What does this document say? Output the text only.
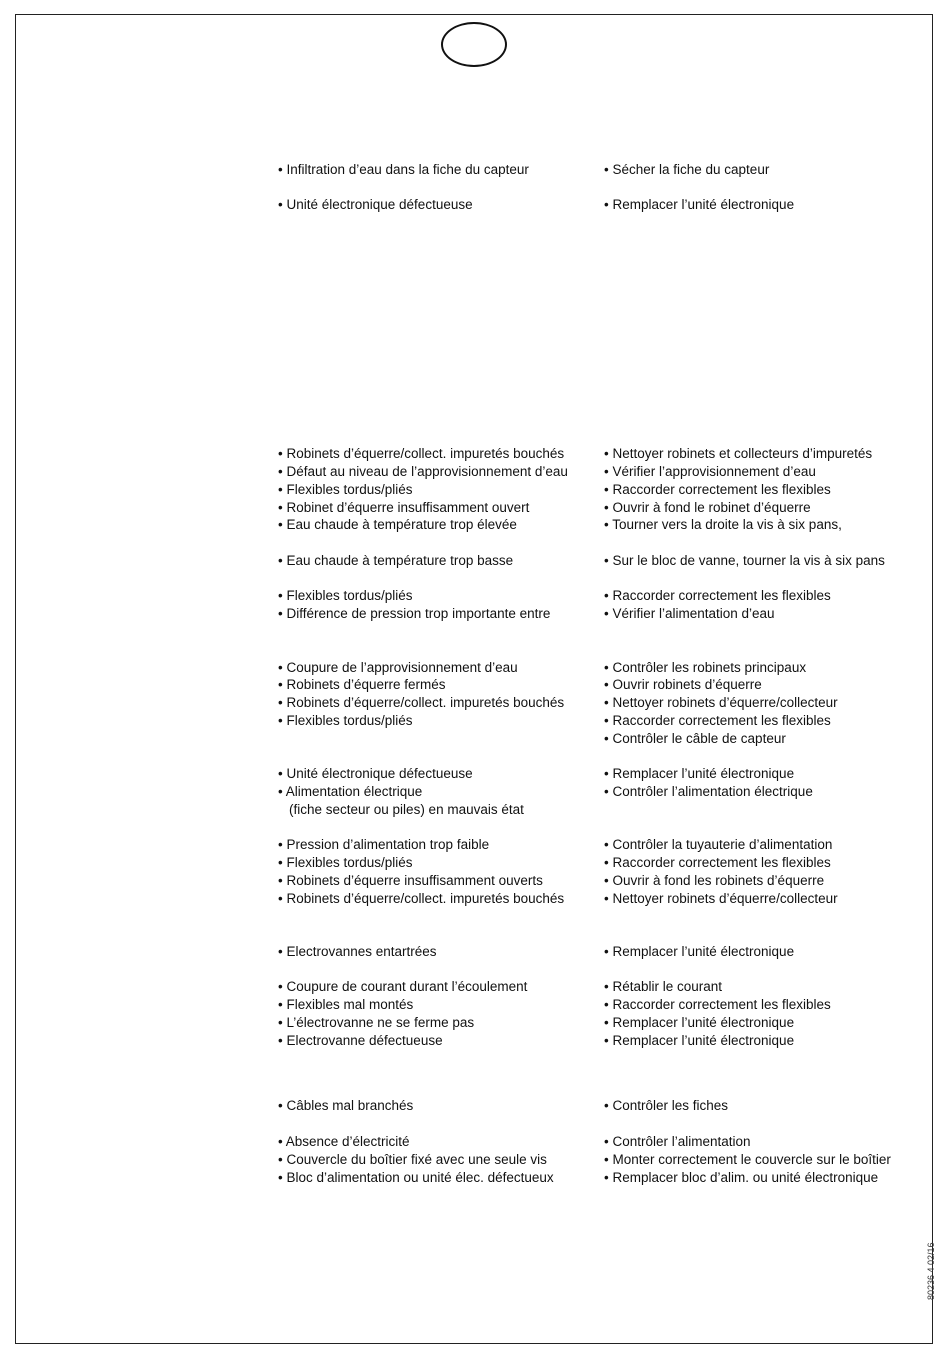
• Infiltration d’eau dans la fiche du capteur
• Unité électronique défectueuse
• Robinets d’équerre/collect. impuretés bouchés
• Défaut au niveau de l’approvisionnement d’eau
• Flexibles tordus/pliés
• Robinet d’équerre insuffisamment ouvert
• Eau chaude à température trop élevée
• Eau chaude à température trop basse
• Flexibles tordus/pliés
• Différence de pression trop importante entre
• Coupure de l’approvisionnement d’eau
• Robinets d’équerre fermés
• Robinets d’équerre/collect. impuretés bouchés
• Flexibles tordus/pliés
• Unité électronique défectueuse
• Alimentation électrique
(fiche secteur ou piles) en mauvais état
• Pression d’alimentation trop faible
• Flexibles tordus/pliés
• Robinets d’équerre insuffisamment ouverts
• Robinets d’équerre/collect. impuretés bouchés
• Electrovannes entartrées
• Coupure de courant durant l’écoulement
• Flexibles mal montés
• L’électrovanne ne se ferme pas
• Electrovanne défectueuse
• Câbles mal branchés
• Absence d’électricité
• Couvercle du boîtier fixé avec une seule vis
• Bloc d’alimentation ou unité élec. défectueux
• Sécher la fiche du capteur
• Remplacer l’unité électronique
• Nettoyer robinets et collecteurs d’impuretés
• Vérifier l’approvisionnement d’eau
• Raccorder correctement les flexibles
• Ouvrir à fond le robinet d’équerre
• Tourner vers la droite la vis à six pans,
• Sur le bloc de vanne, tourner la vis à six pans
• Raccorder correctement les flexibles
• Vérifier l’alimentation d’eau
• Contrôler les robinets principaux
• Ouvrir robinets d’équerre
• Nettoyer robinets d’équerre/collecteur
• Raccorder correctement les flexibles
• Contrôler le câble de capteur
• Remplacer l’unité électronique
• Contrôler l’alimentation électrique
• Contrôler la tuyauterie d’alimentation
• Raccorder correctement les flexibles
• Ouvrir à fond les robinets d’équerre
• Nettoyer robinets d’équerre/collecteur
• Remplacer l’unité électronique
• Rétablir le courant
• Raccorder correctement les flexibles
• Remplacer l’unité électronique
• Remplacer l’unité électronique
• Contrôler les fiches
• Contrôler l’alimentation
• Monter correctement le couvercle sur le boîtier
• Remplacer bloc d’alim. ou unité électronique
80236 4 02/16
